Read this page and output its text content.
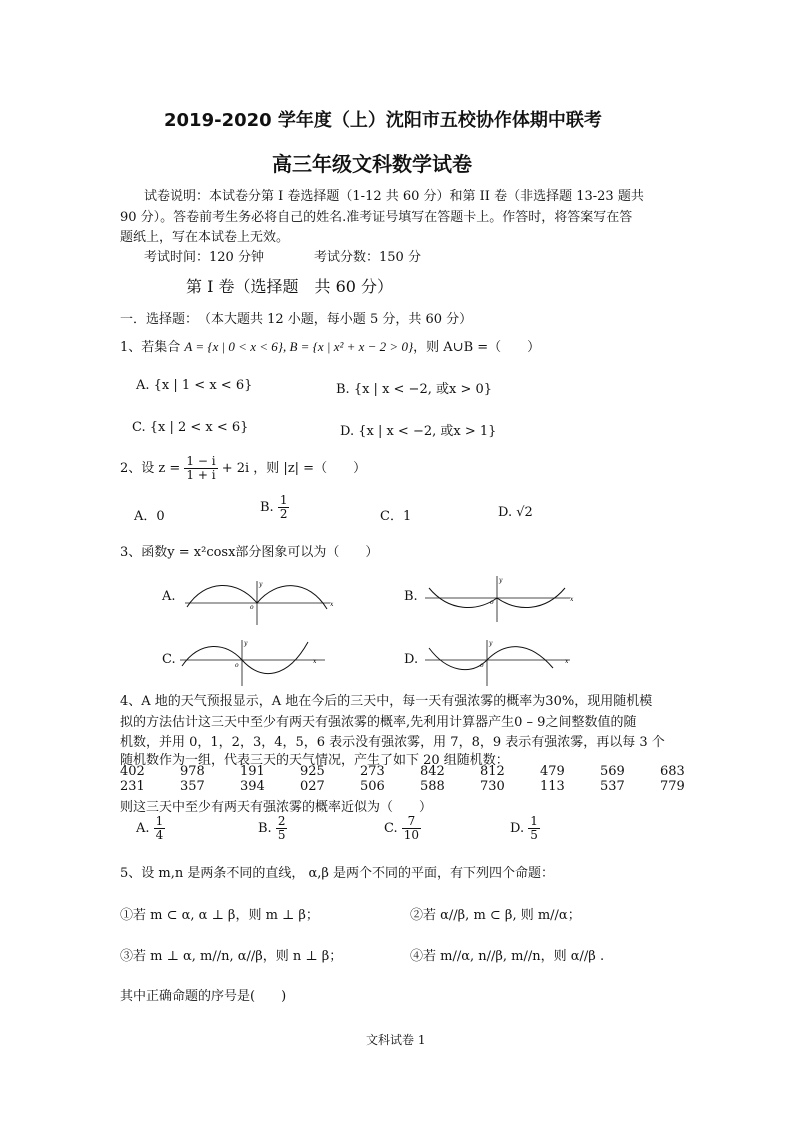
2019-2020 学年度（上）沈阳市五校协作体期中联考
高三年级文科数学试卷
试卷说明：本试卷分第 I 卷选择题（1-12 共 60 分）和第 II 卷（非选择题 13-23 题共
90 分）。答卷前考生务必将自己的姓名.准考证号填写在答题卡上。作答时，将答案写在答
题纸上，写在本试卷上无效。
考试时间：120 分钟	考试分数：150 分
第 I 卷（选择题　共 60 分）
一．选择题：　（本大题共 12 小题，每小题 5 分，共 60 分）
1、若集合 A = {x | 0 < x < 6}, B = {x | x² + x − 2 > 0}，则 A∪B =（　　）
A. {x | 1 < x < 6}	B. {x | x < −2, 或x > 0}
C. {x | 2 < x < 6}	D. {x | x < −2, 或x > 1}
2、设 $z = \frac{1 - i}{1 + i} + 2i$ ，则 |z| =（　　）
A．0
B. $\frac{1}{2}$	C．1	D. √2
3、函数y = x²cosx部分图象可以为（　　）
A.
x
y
o
B.	x
y
o
C.	x
y
o	D.	x
y
o
4、A 地的天气预报显示，A 地在今后的三天中，每一天有强浓雾的概率为30%，现用随机模
拟的方法估计这三天中至少有两天有强浓雾的概率,先利用计算器产生0 – 9之间整数值的随
机数，并用 0，1，2，3，4，5，6 表示没有强浓雾，用 7，8，9 表示有强浓雾，再以每 3 个
随机数作为一组，代表三天的天气情况，产生了如下 20 组随机数：
402	978	191	925	273	842	812	479	569	683
231	357	394	027	506	588	730	113	537	779
则这三天中至少有两天有强浓雾的概率近似为（　　）
A. $\frac{1}{4}$	B. $\frac{2}{5}$	C. $\frac{7}{10}$	D. $\frac{1}{5}$
5、设 m,n 是两条不同的直线， α,β 是两个不同的平面，有下列四个命题：
①若 m ⊂ α, α ⊥ β，则 m ⊥ β；	②若 α//β, m ⊂ β, 则 m//α；
③若 m ⊥ α, m//n, α//β，则 n ⊥ β；	④若 m//α, n//β, m//n，则 α//β .
其中正确命题的序号是(　　)
文科试卷 1
